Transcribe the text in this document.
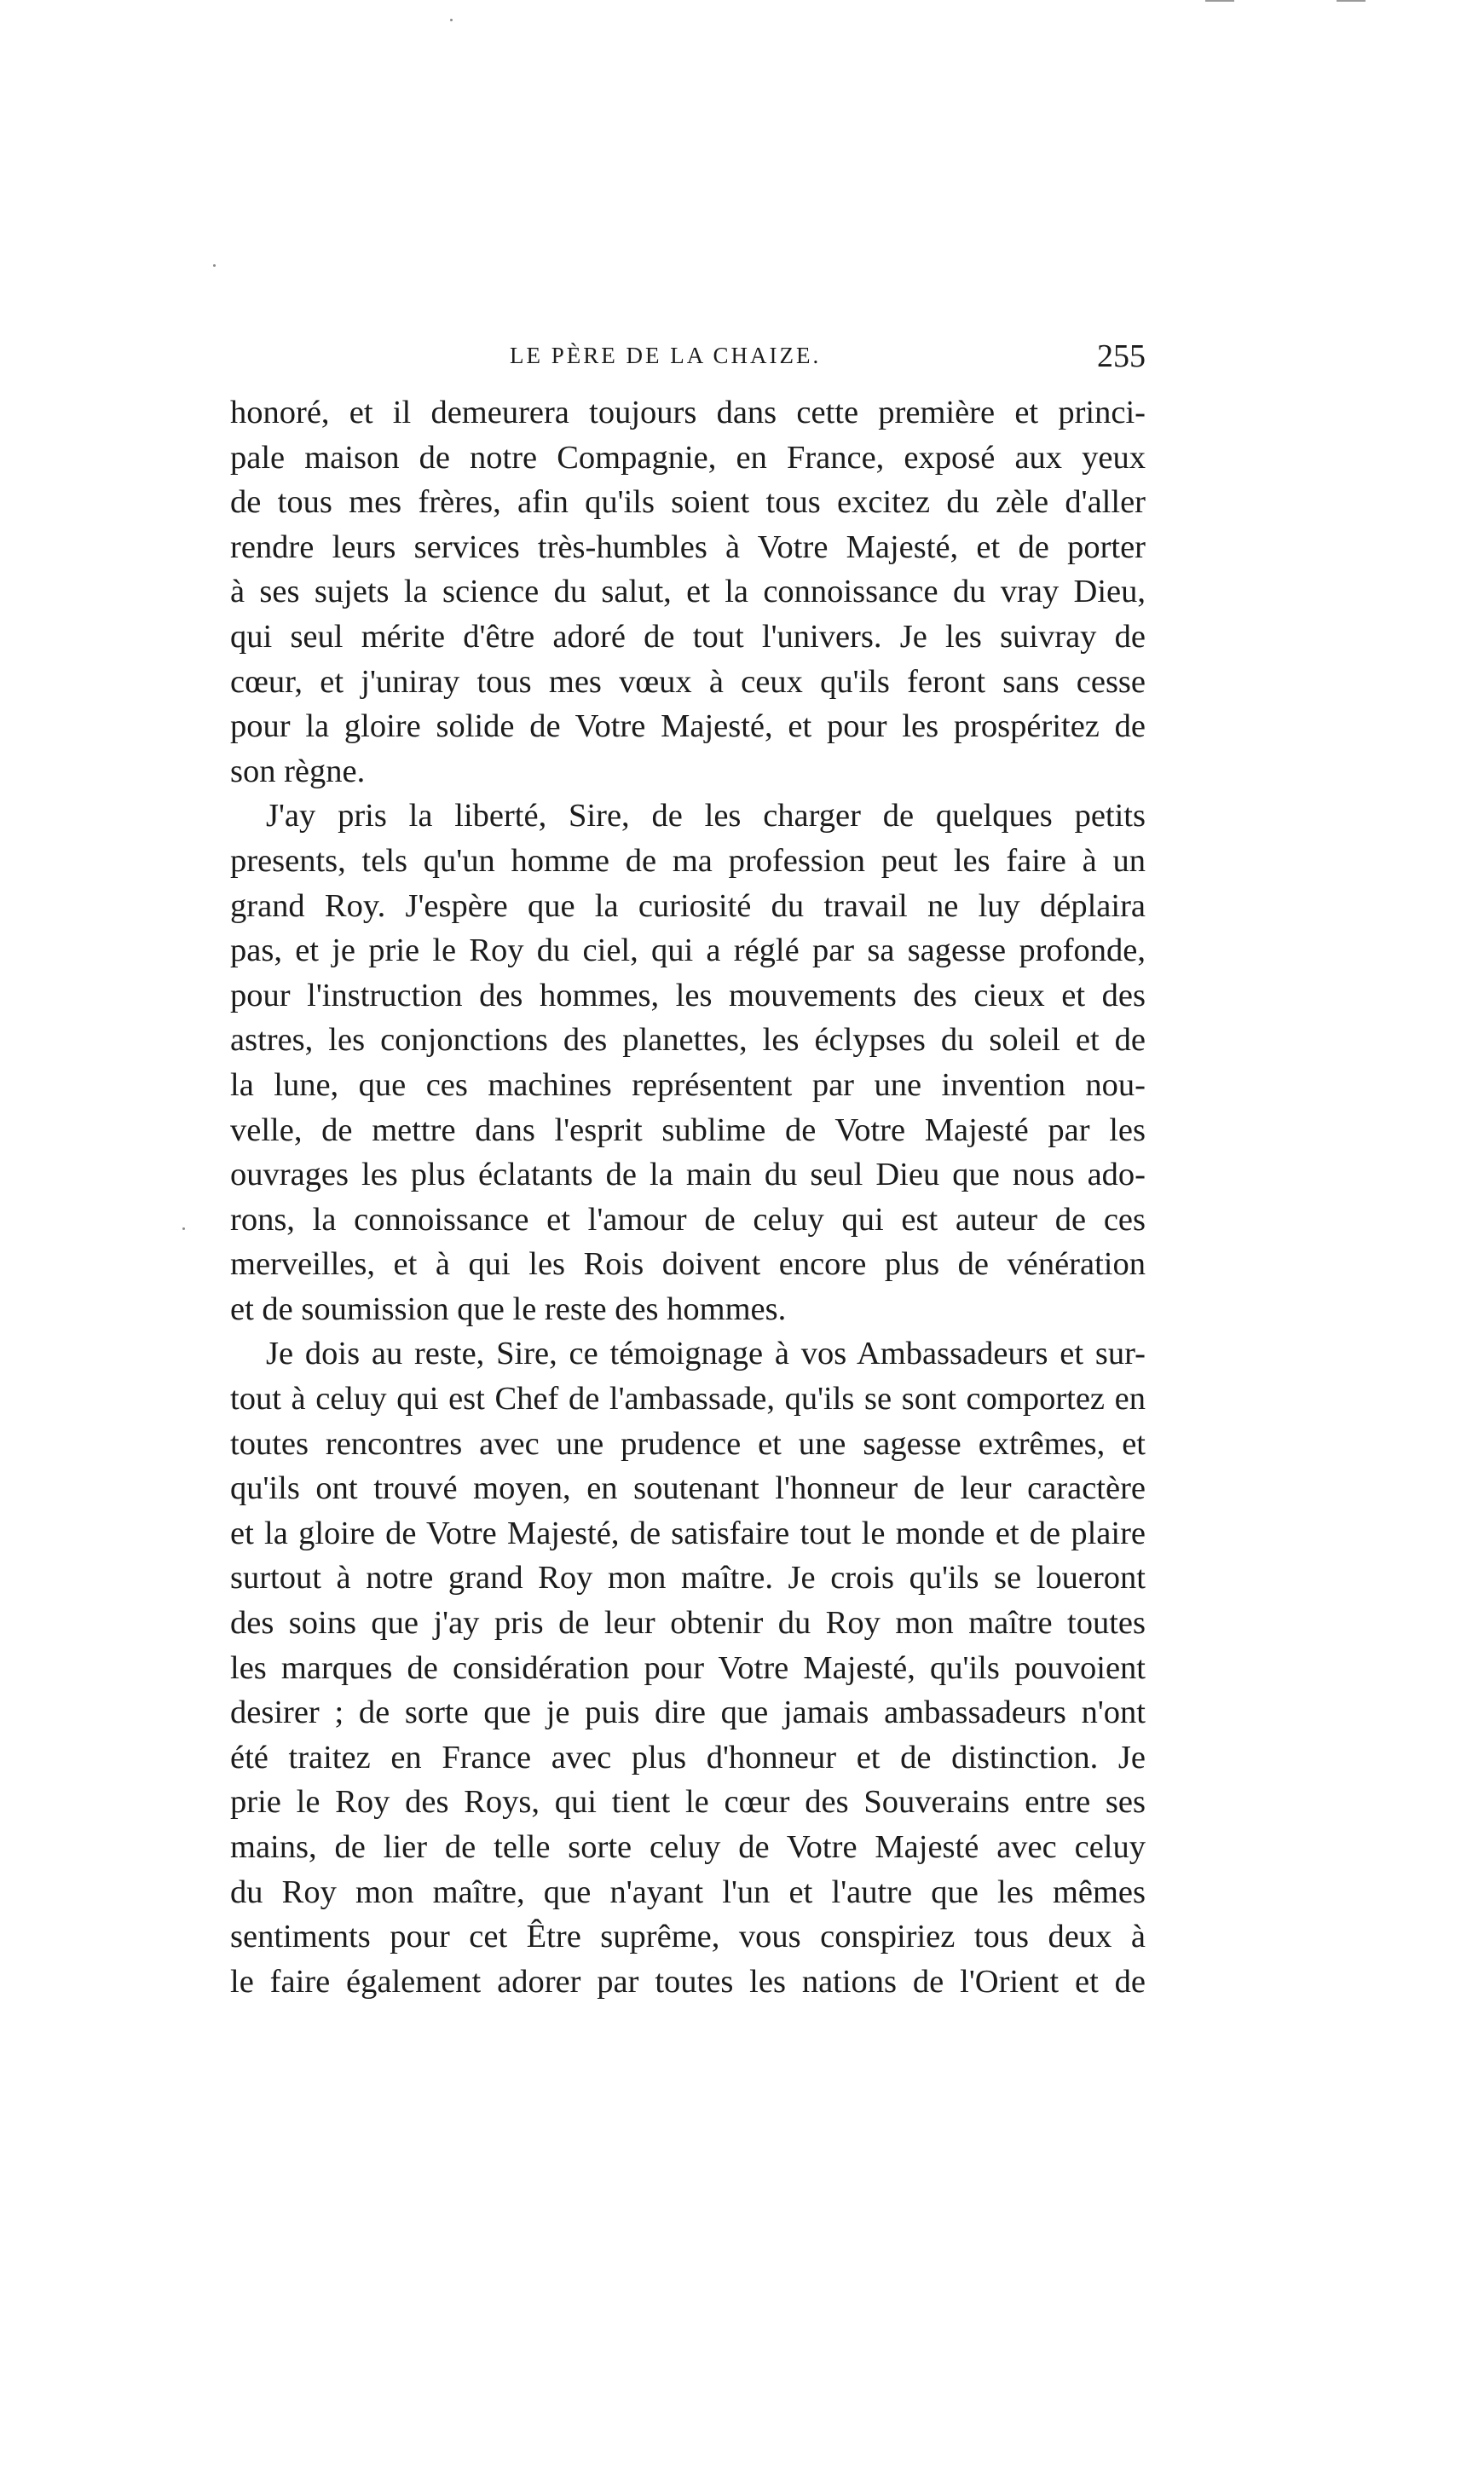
LE PÈRE DE LA CHAIZE.	255
honoré, et il demeurera toujours dans cette première et princi-
pale maison de notre Compagnie, en France, exposé aux yeux
de tous mes frères, afin qu'ils soient tous excitez du zèle d'aller
rendre leurs services très-humbles à Votre Majesté, et de porter
à ses sujets la science du salut, et la connoissance du vray Dieu,
qui seul mérite d'être adoré de tout l'univers. Je les suivray de
cœur, et j'uniray tous mes vœux à ceux qu'ils feront sans cesse
pour la gloire solide de Votre Majesté, et pour les prospéritez de
son règne.
J'ay pris la liberté, Sire, de les charger de quelques petits
presents, tels qu'un homme de ma profession peut les faire à un
grand Roy. J'espère que la curiosité du travail ne luy déplaira
pas, et je prie le Roy du ciel, qui a réglé par sa sagesse profonde,
pour l'instruction des hommes, les mouvements des cieux et des
astres, les conjonctions des planettes, les éclypses du soleil et de
la lune, que ces machines représentent par une invention nou-
velle, de mettre dans l'esprit sublime de Votre Majesté par les
ouvrages les plus éclatants de la main du seul Dieu que nous ado-
rons, la connoissance et l'amour de celuy qui est auteur de ces
merveilles, et à qui les Rois doivent encore plus de vénération
et de soumission que le reste des hommes.
Je dois au reste, Sire, ce témoignage à vos Ambassadeurs et sur-
tout à celuy qui est Chef de l'ambassade, qu'ils se sont comportez en
toutes rencontres avec une prudence et une sagesse extrêmes, et
qu'ils ont trouvé moyen, en soutenant l'honneur de leur caractère
et la gloire de Votre Majesté, de satisfaire tout le monde et de plaire
surtout à notre grand Roy mon maître. Je crois qu'ils se loueront
des soins que j'ay pris de leur obtenir du Roy mon maître toutes
les marques de considération pour Votre Majesté, qu'ils pouvoient
desirer ; de sorte que je puis dire que jamais ambassadeurs n'ont
été traitez en France avec plus d'honneur et de distinction. Je
prie le Roy des Roys, qui tient le cœur des Souverains entre ses
mains, de lier de telle sorte celuy de Votre Majesté avec celuy
du Roy mon maître, que n'ayant l'un et l'autre que les mêmes
sentiments pour cet Être suprême, vous conspiriez tous deux à
le faire également adorer par toutes les nations de l'Orient et de
